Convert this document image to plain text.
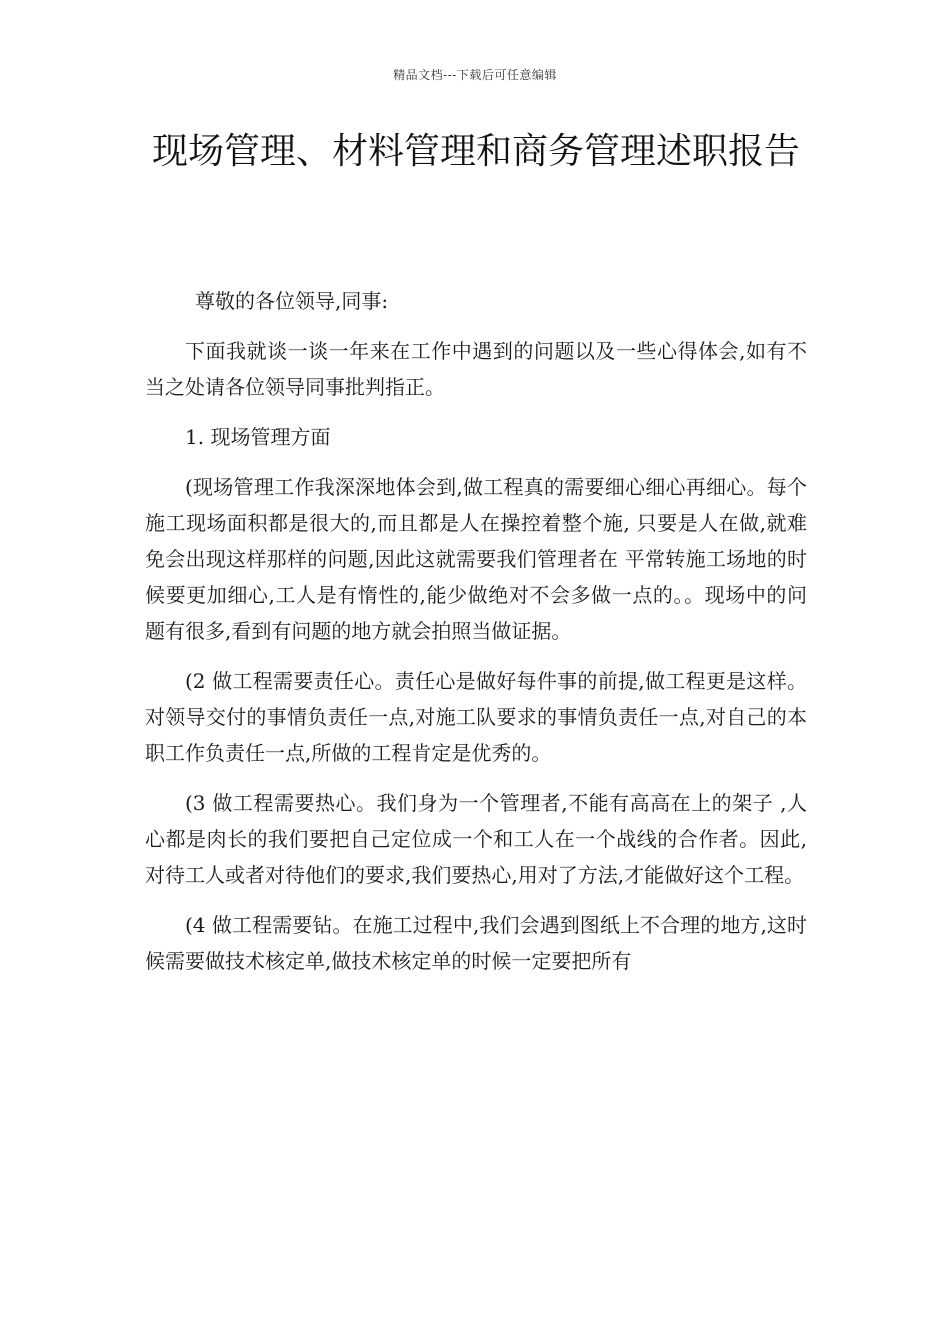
精品文档---下载后可任意编辑
现场管理、材料管理和商务管理述职报告

尊敬的各位领导,同事:

下面我就谈一谈一年来在工作中遇到的问题以及一些心得体会,如有不当之处请各位领导同事批判指正。

1. 现场管理方面

(现场管理工作我深深地体会到,做工程真的需要细心细心再细心。每个施工现场面积都是很大的,而且都是人在操控着整个施, 只要是人在做,就难免会出现这样那样的问题,因此这就需要我们管理者在 平常转施工场地的时候要更加细心,工人是有惰性的,能少做绝对不会多做一点的。。现场中的问题有很多,看到有问题的地方就会拍照当做证据。

(2 做工程需要责任心。责任心是做好每件事的前提,做工程更是这样。对领导交付的事情负责任一点,对施工队要求的事情负责任一点,对自己的本职工作负责任一点,所做的工程肯定是优秀的。

(3 做工程需要热心。我们身为一个管理者,不能有高高在上的架子 ,人心都是肉长的我们要把自己定位成一个和工人在一个战线的合作者。因此,对待工人或者对待他们的要求,我们要热心,用对了方法,才能做好这个工程。

(4 做工程需要钻。在施工过程中,我们会遇到图纸上不合理的地方,这时候需要做技术核定单,做技术核定单的时候一定要把所有
